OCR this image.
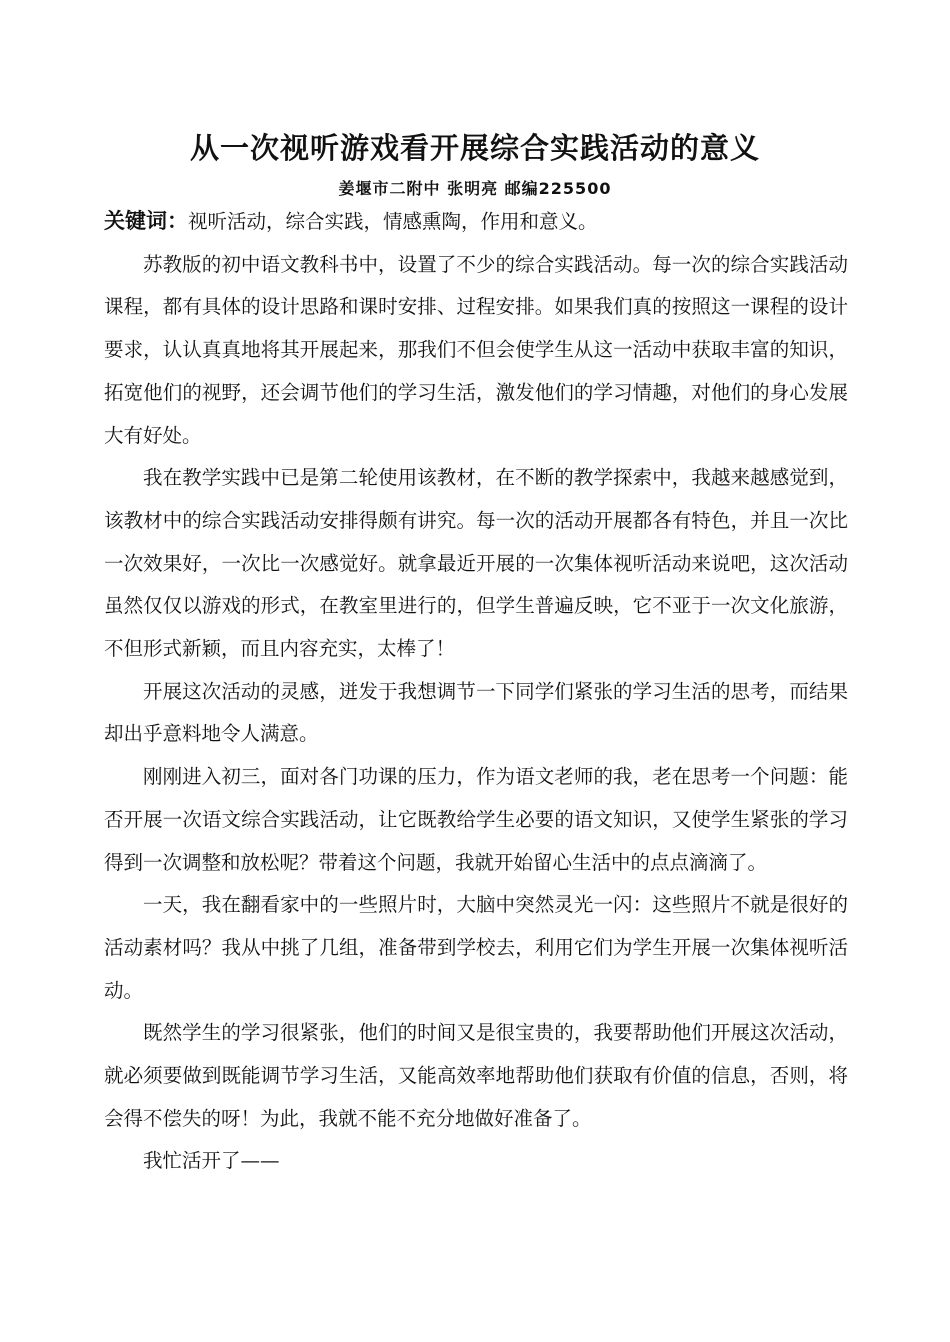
从一次视听游戏看开展综合实践活动的意义

姜堰市二附中 张明亮 邮编225500

关键词：视听活动，综合实践，情感熏陶，作用和意义。

苏教版的初中语文教科书中，设置了不少的综合实践活动。每一次的综合实践活动课程，都有具体的设计思路和课时安排、过程安排。如果我们真的按照这一课程的设计要求，认认真真地将其开展起来，那我们不但会使学生从这一活动中获取丰富的知识，拓宽他们的视野，还会调节他们的学习生活，激发他们的学习情趣，对他们的身心发展大有好处。

我在教学实践中已是第二轮使用该教材，在不断的教学探索中，我越来越感觉到，该教材中的综合实践活动安排得颇有讲究。每一次的活动开展都各有特色，并且一次比一次效果好，一次比一次感觉好。就拿最近开展的一次集体视听活动来说吧，这次活动虽然仅仅以游戏的形式，在教室里进行的，但学生普遍反映，它不亚于一次文化旅游，不但形式新颖，而且内容充实，太棒了！

开展这次活动的灵感，迸发于我想调节一下同学们紧张的学习生活的思考，而结果却出乎意料地令人满意。

刚刚进入初三，面对各门功课的压力，作为语文老师的我，老在思考一个问题：能否开展一次语文综合实践活动，让它既教给学生必要的语文知识，又使学生紧张的学习得到一次调整和放松呢？带着这个问题，我就开始留心生活中的点点滴滴了。

一天，我在翻看家中的一些照片时，大脑中突然灵光一闪：这些照片不就是很好的活动素材吗？我从中挑了几组，准备带到学校去，利用它们为学生开展一次集体视听活动。

既然学生的学习很紧张，他们的时间又是很宝贵的，我要帮助他们开展这次活动，就必须要做到既能调节学习生活，又能高效率地帮助他们获取有价值的信息，否则，将会得不偿失的呀！为此，我就不能不充分地做好准备了。

我忙活开了——
